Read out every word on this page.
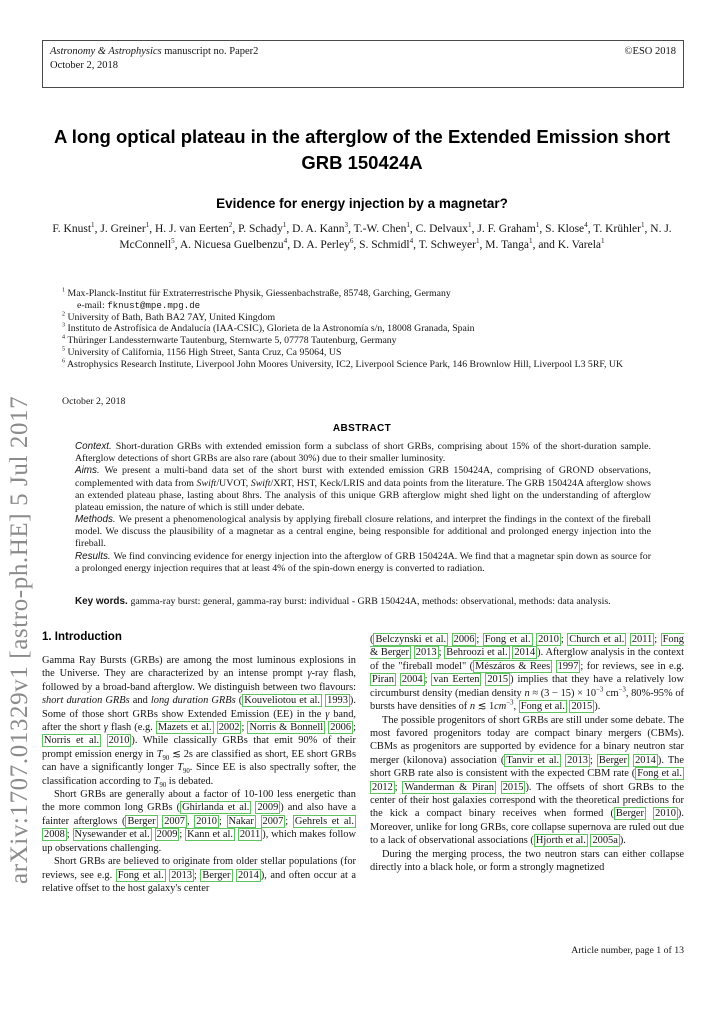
arXiv:1707.01329v1 [astro-ph.HE] 5 Jul 2017
Astronomy & Astrophysics manuscript no. Paper2
October 2, 2018
©ESO 2018
A long optical plateau in the afterglow of the Extended Emission short GRB 150424A
Evidence for energy injection by a magnetar?
F. Knust$^1$, J. Greiner$^1$, H. J. van Eerten$^2$, P. Schady$^1$, D. A. Kann$^3$, T.-W. Chen$^1$, C. Delvaux$^1$, J. F. Graham$^1$, S. Klose$^4$, T. Krühler$^1$, N. J. McConnell$^5$, A. Nicuesa Guelbenzu$^4$, D. A. Perley$^6$, S. Schmidl$^4$, T. Schweyer$^1$, M. Tanga$^1$, and K. Varela$^1$
$^1$ Max-Planck-Institut für Extraterrestrische Physik, Giessenbachstraße, 85748, Garching, Germany
e-mail: fknust@mpe.mpg.de
$^2$ University of Bath, Bath BA2 7AY, United Kingdom
$^3$ Instituto de Astrofísica de Andalucía (IAA-CSIC), Glorieta de la Astronomía s/n, 18008 Granada, Spain
$^4$ Thüringer Landessternwarte Tautenburg, Sternwarte 5, 07778 Tautenburg, Germany
$^5$ University of California, 1156 High Street, Santa Cruz, Ca 95064, US
$^6$ Astrophysics Research Institute, Liverpool John Moores University, IC2, Liverpool Science Park, 146 Brownlow Hill, Liverpool L3 5RF, UK
October 2, 2018
ABSTRACT

Context. Short-duration GRBs with extended emission form a subclass of short GRBs, comprising about 15% of the short-duration sample. Afterglow detections of short GRBs are also rare (about 30%) due to their smaller luminosity.

Aims. We present a multi-band data set of the short burst with extended emission GRB 150424A, comprising of GROND observations, complemented with data from Swift/UVOT, Swift/XRT, HST, Keck/LRIS and data points from the literature. The GRB 150424A afterglow shows an extended plateau phase, lasting about 8hrs. The analysis of this unique GRB afterglow might shed light on the understanding of afterglow plateau emission, the nature of which is still under debate.

Methods. We present a phenomenological analysis by applying fireball closure relations, and interpret the findings in the context of the fireball model. We discuss the plausibility of a magnetar as a central engine, being responsible for additional and prolonged energy injection into the fireball.

Results. We find convincing evidence for energy injection into the afterglow of GRB 150424A. We find that a magnetar spin down as source for a prolonged energy injection requires that at least 4% of the spin-down energy is converted to radiation.

Key words. gamma-ray burst: general, gamma-ray burst: individual - GRB 150424A, methods: observational, methods: data analysis.
1. Introduction

Gamma Ray Bursts (GRBs) are among the most luminous explosions in the Universe. They are characterized by an intense prompt γ-ray flash, followed by a broad-band afterglow. We distinguish between two flavours: short duration GRBs and long duration GRBs ( Kouveliotou et al. 1993 ). Some of those short GRBs show Extended Emission (EE) in the γ band, after the short γ flash (e.g. Mazets et al. 2002 ; Norris & Bonnell 2006 ; Norris et al. 2010 ). While classically GRBs that emit 90% of their prompt emission energy in $T_{90}$ ≲ 2s are classified as short, EE short GRBs can have a significantly longer $T_{90}$. Since EE is also spectrally softer, the classification according to $T_{90}$ is debated.

Short GRBs are generally about a factor of 10-100 less energetic than the more common long GRBs ( Ghirlanda et al. 2009 ) and also have a fainter afterglows ( Berger 2007 , 2010 ; Nakar 2007 ; Gehrels et al. 2008 ; Nysewander et al. 2009 ; Kann et al. 2011 ), which makes follow up observations challenging.

Short GRBs are believed to originate from older stellar populations (for reviews, see e.g. Fong et al. 2013 ; Berger 2014 ), and often occur at a relative offset to the host galaxy's center

( Belczynski et al. 2006 ; Fong et al. 2010 ; Church et al. 2011 ; Fong & Berger 2013 ; Behroozi et al. 2014 ). Afterglow analysis in the context of the "fireball model" ( Mészáros & Rees 1997 ; for reviews, see in e.g. Piran 2004 ; van Eerten 2015 ) implies that they have a relatively low circumburst density (median density $n \approx (3 - 15) \times 10^{-3}$ $cm^{-3}$, 80%-95% of bursts have densities of n ≲ $1cm^{-3}$, Fong et al. 2015 ).

The possible progenitors of short GRBs are still under some debate. The most favored progenitors today are compact binary mergers (CBMs). CBMs as progenitors are supported by evidence for a binary neutron star merger (kilonova) association ( Tanvir et al. 2013 ; Berger 2014 ). The short GRB rate also is consistent with the expected CBM rate ( Fong et al. 2012 ; Wanderman & Piran 2015 ). The offsets of short GRBs to the center of their host galaxies correspond with the theoretical predictions for the kick a compact binary receives when formed ( Berger 2010 ). Moreover, unlike for long GRBs, core collapse supernova are ruled out due to a lack of observational associations ( Hjorth et al. 2005a ).

During the merging process, the two neutron stars can either collapse directly into a black hole, or form a strongly magnetized

Article number, page 1 of 13
